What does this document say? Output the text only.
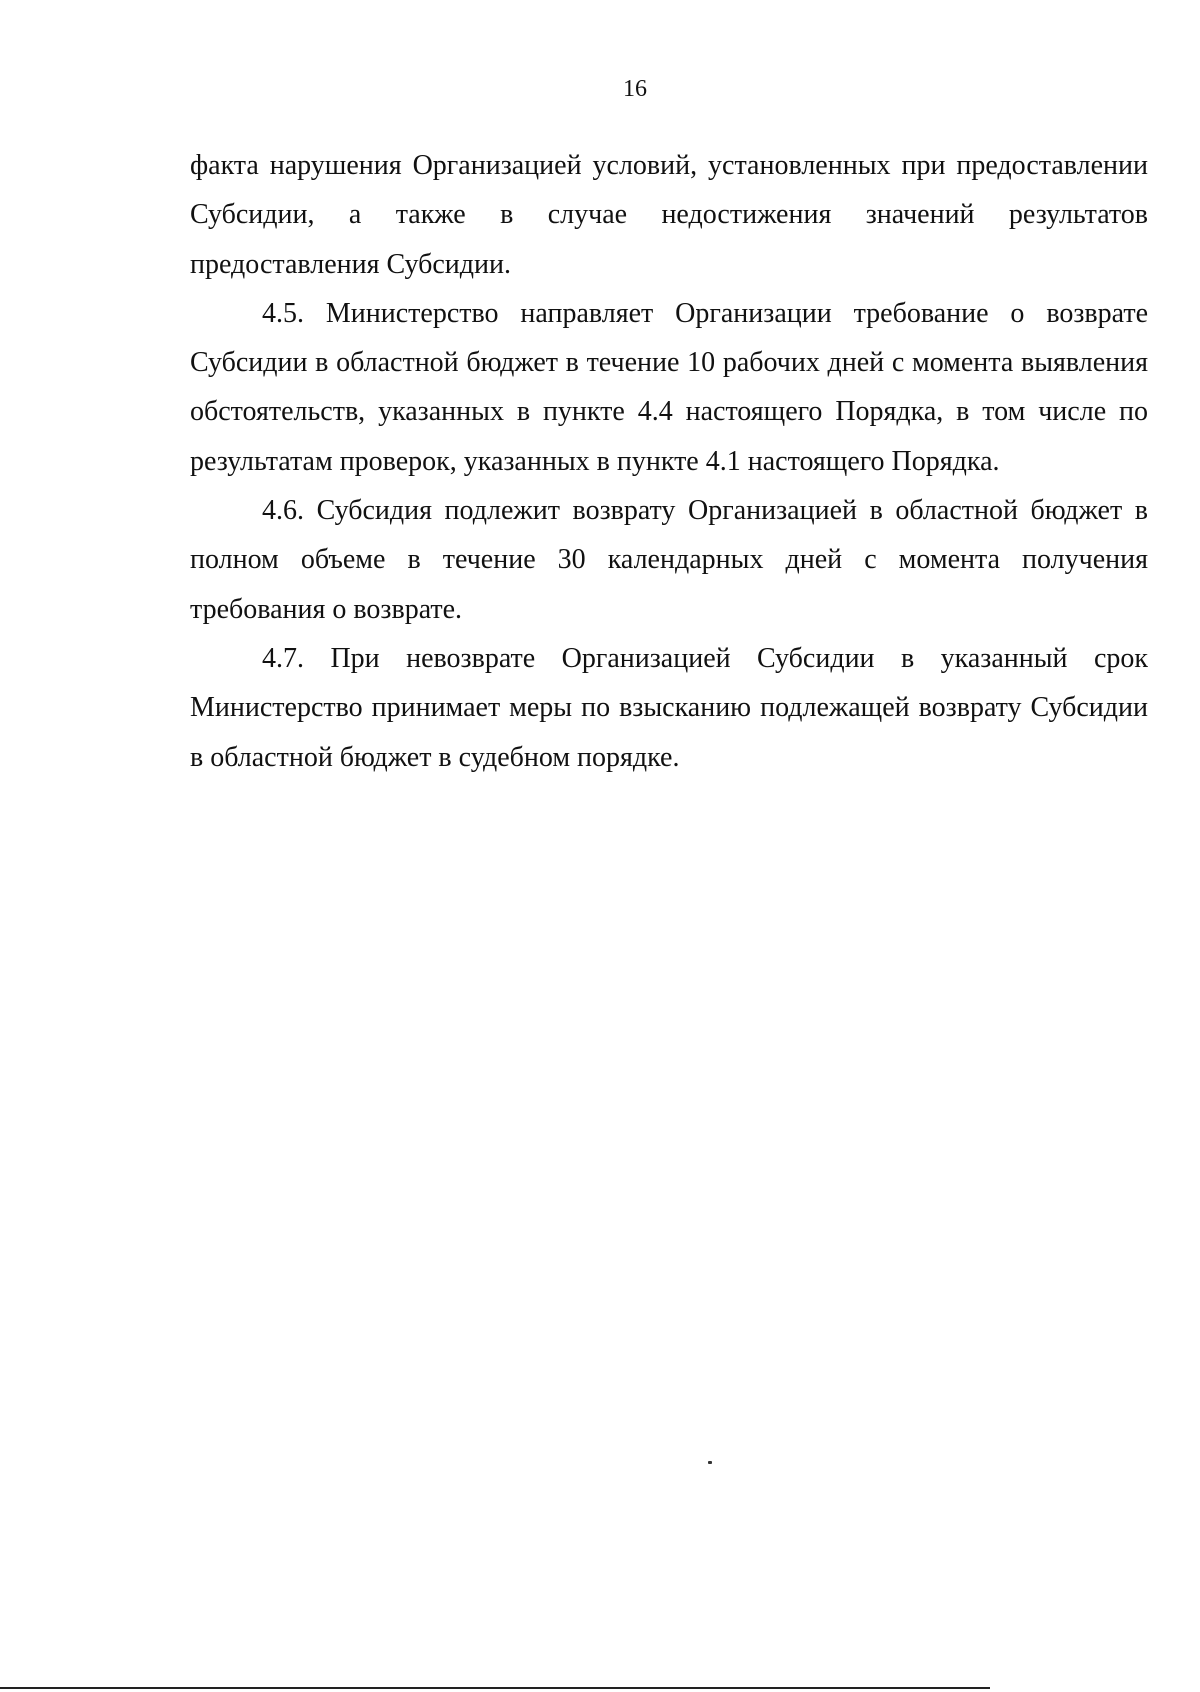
16

факта нарушения Организацией условий, установленных при предоставлении Субсидии, а также в случае недостижения значений результатов предоставления Субсидии.

4.5. Министерство направляет Организации требование о возврате Субсидии в областной бюджет в течение 10 рабочих дней с момента выявления обстоятельств, указанных в пункте 4.4 настоящего Порядка, в том числе по результатам проверок, указанных в пункте 4.1 настоящего Порядка.

4.6. Субсидия подлежит возврату Организацией в областной бюджет в полном объеме в течение 30 календарных дней с момента получения требования о возврате.

4.7. При невозврате Организацией Субсидии в указанный срок Министерство принимает меры по взысканию подлежащей возврату Субсидии в областной бюджет в судебном порядке.
